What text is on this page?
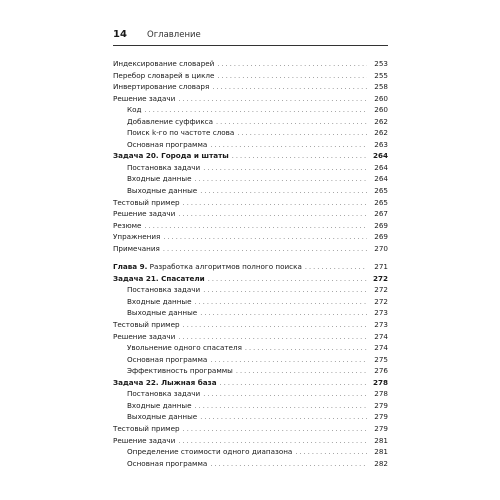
14	Оглавление
Индексирование словарей . . .	253
Перебор словарей в цикле . . .	255
Инвертирование словаря . . .	258
Решение задачи . . .	260
Код . . .	260
Добавление суффикса . . .	262
Поиск k-го по частоте слова . . .	262
Основная программа . . .	263
Задача 20. Города и штаты . . .	264
Постановка задачи . . .	264
Входные данные . . .	264
Выходные данные . . .	265
Тестовый пример . . .	265
Решение задачи . . .	267
Резюме . . .	269
Упражнения . . .	269
Примечания . . .	270
Глава 9. Разработка алгоритмов полного поиска . . .	271
Задача 21. Спасатели . . .	272
Постановка задачи . . .	272
Входные данные . . .	272
Выходные данные . . .	273
Тестовый пример . . .	273
Решение задачи . . .	274
Увольнение одного спасателя . . .	274
Основная программа . . .	275
Эффективность программы . . .	276
Задача 22. Лыжная база . . .	278
Постановка задачи . . .	278
Входные данные . . .	279
Выходные данные . . .	279
Тестовый пример . . .	279
Решение задачи . . .	281
Определение стоимости одного диапазона . . .	281
Основная программа . . .	282
